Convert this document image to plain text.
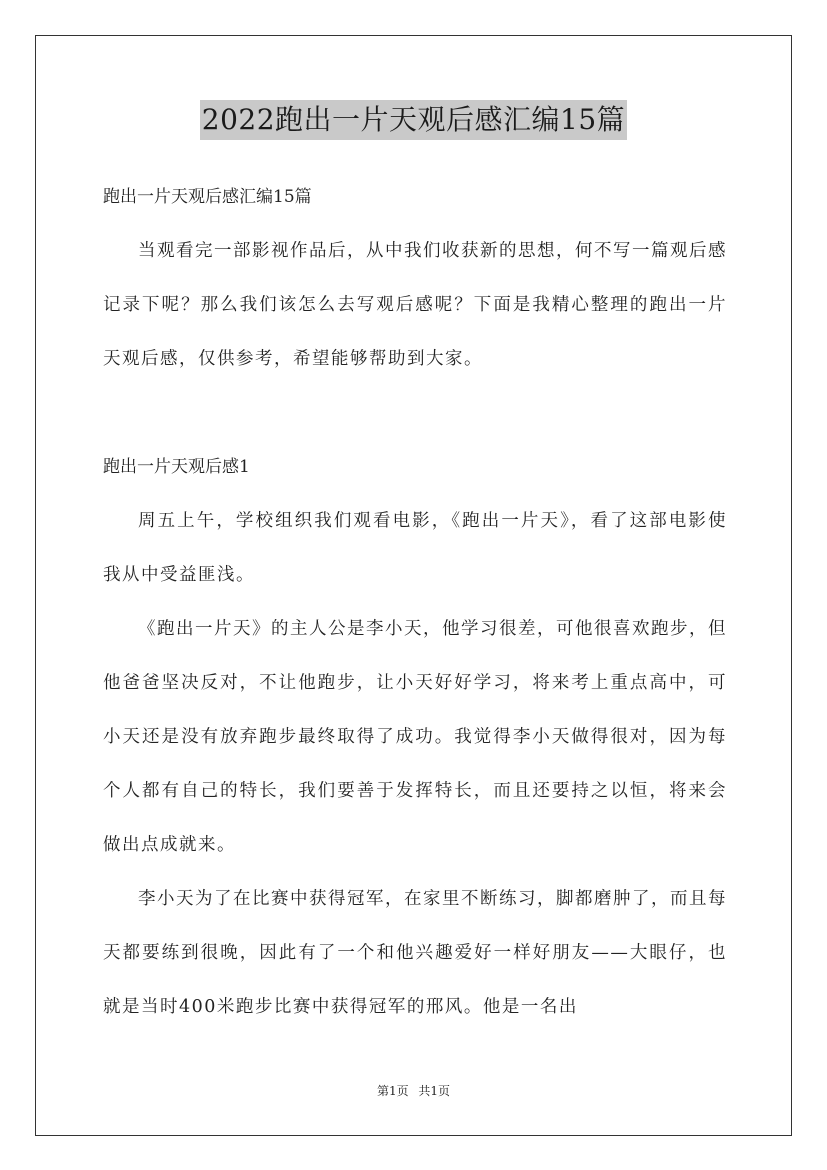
2022跑出一片天观后感汇编15篇

跑出一片天观后感汇编15篇

当观看完一部影视作品后，从中我们收获新的思想，何不写一篇观后感记录下呢？那么我们该怎么去写观后感呢？下面是我精心整理的跑出一片天观后感，仅供参考，希望能够帮助到大家。

跑出一片天观后感1

周五上午，学校组织我们观看电影，《跑出一片天》，看了这部电影使我从中受益匪浅。

《跑出一片天》的主人公是李小天，他学习很差，可他很喜欢跑步，但他爸爸坚决反对，不让他跑步，让小天好好学习，将来考上重点高中，可小天还是没有放弃跑步最终取得了成功。我觉得李小天做得很对，因为每个人都有自己的特长，我们要善于发挥特长，而且还要持之以恒，将来会做出点成就来。

李小天为了在比赛中获得冠军，在家里不断练习，脚都磨肿了，而且每天都要练到很晚，因此有了一个和他兴趣爱好一样好朋友——大眼仔，也就是当时400米跑步比赛中获得冠军的邢风。他是一名出

第1页 共1页
